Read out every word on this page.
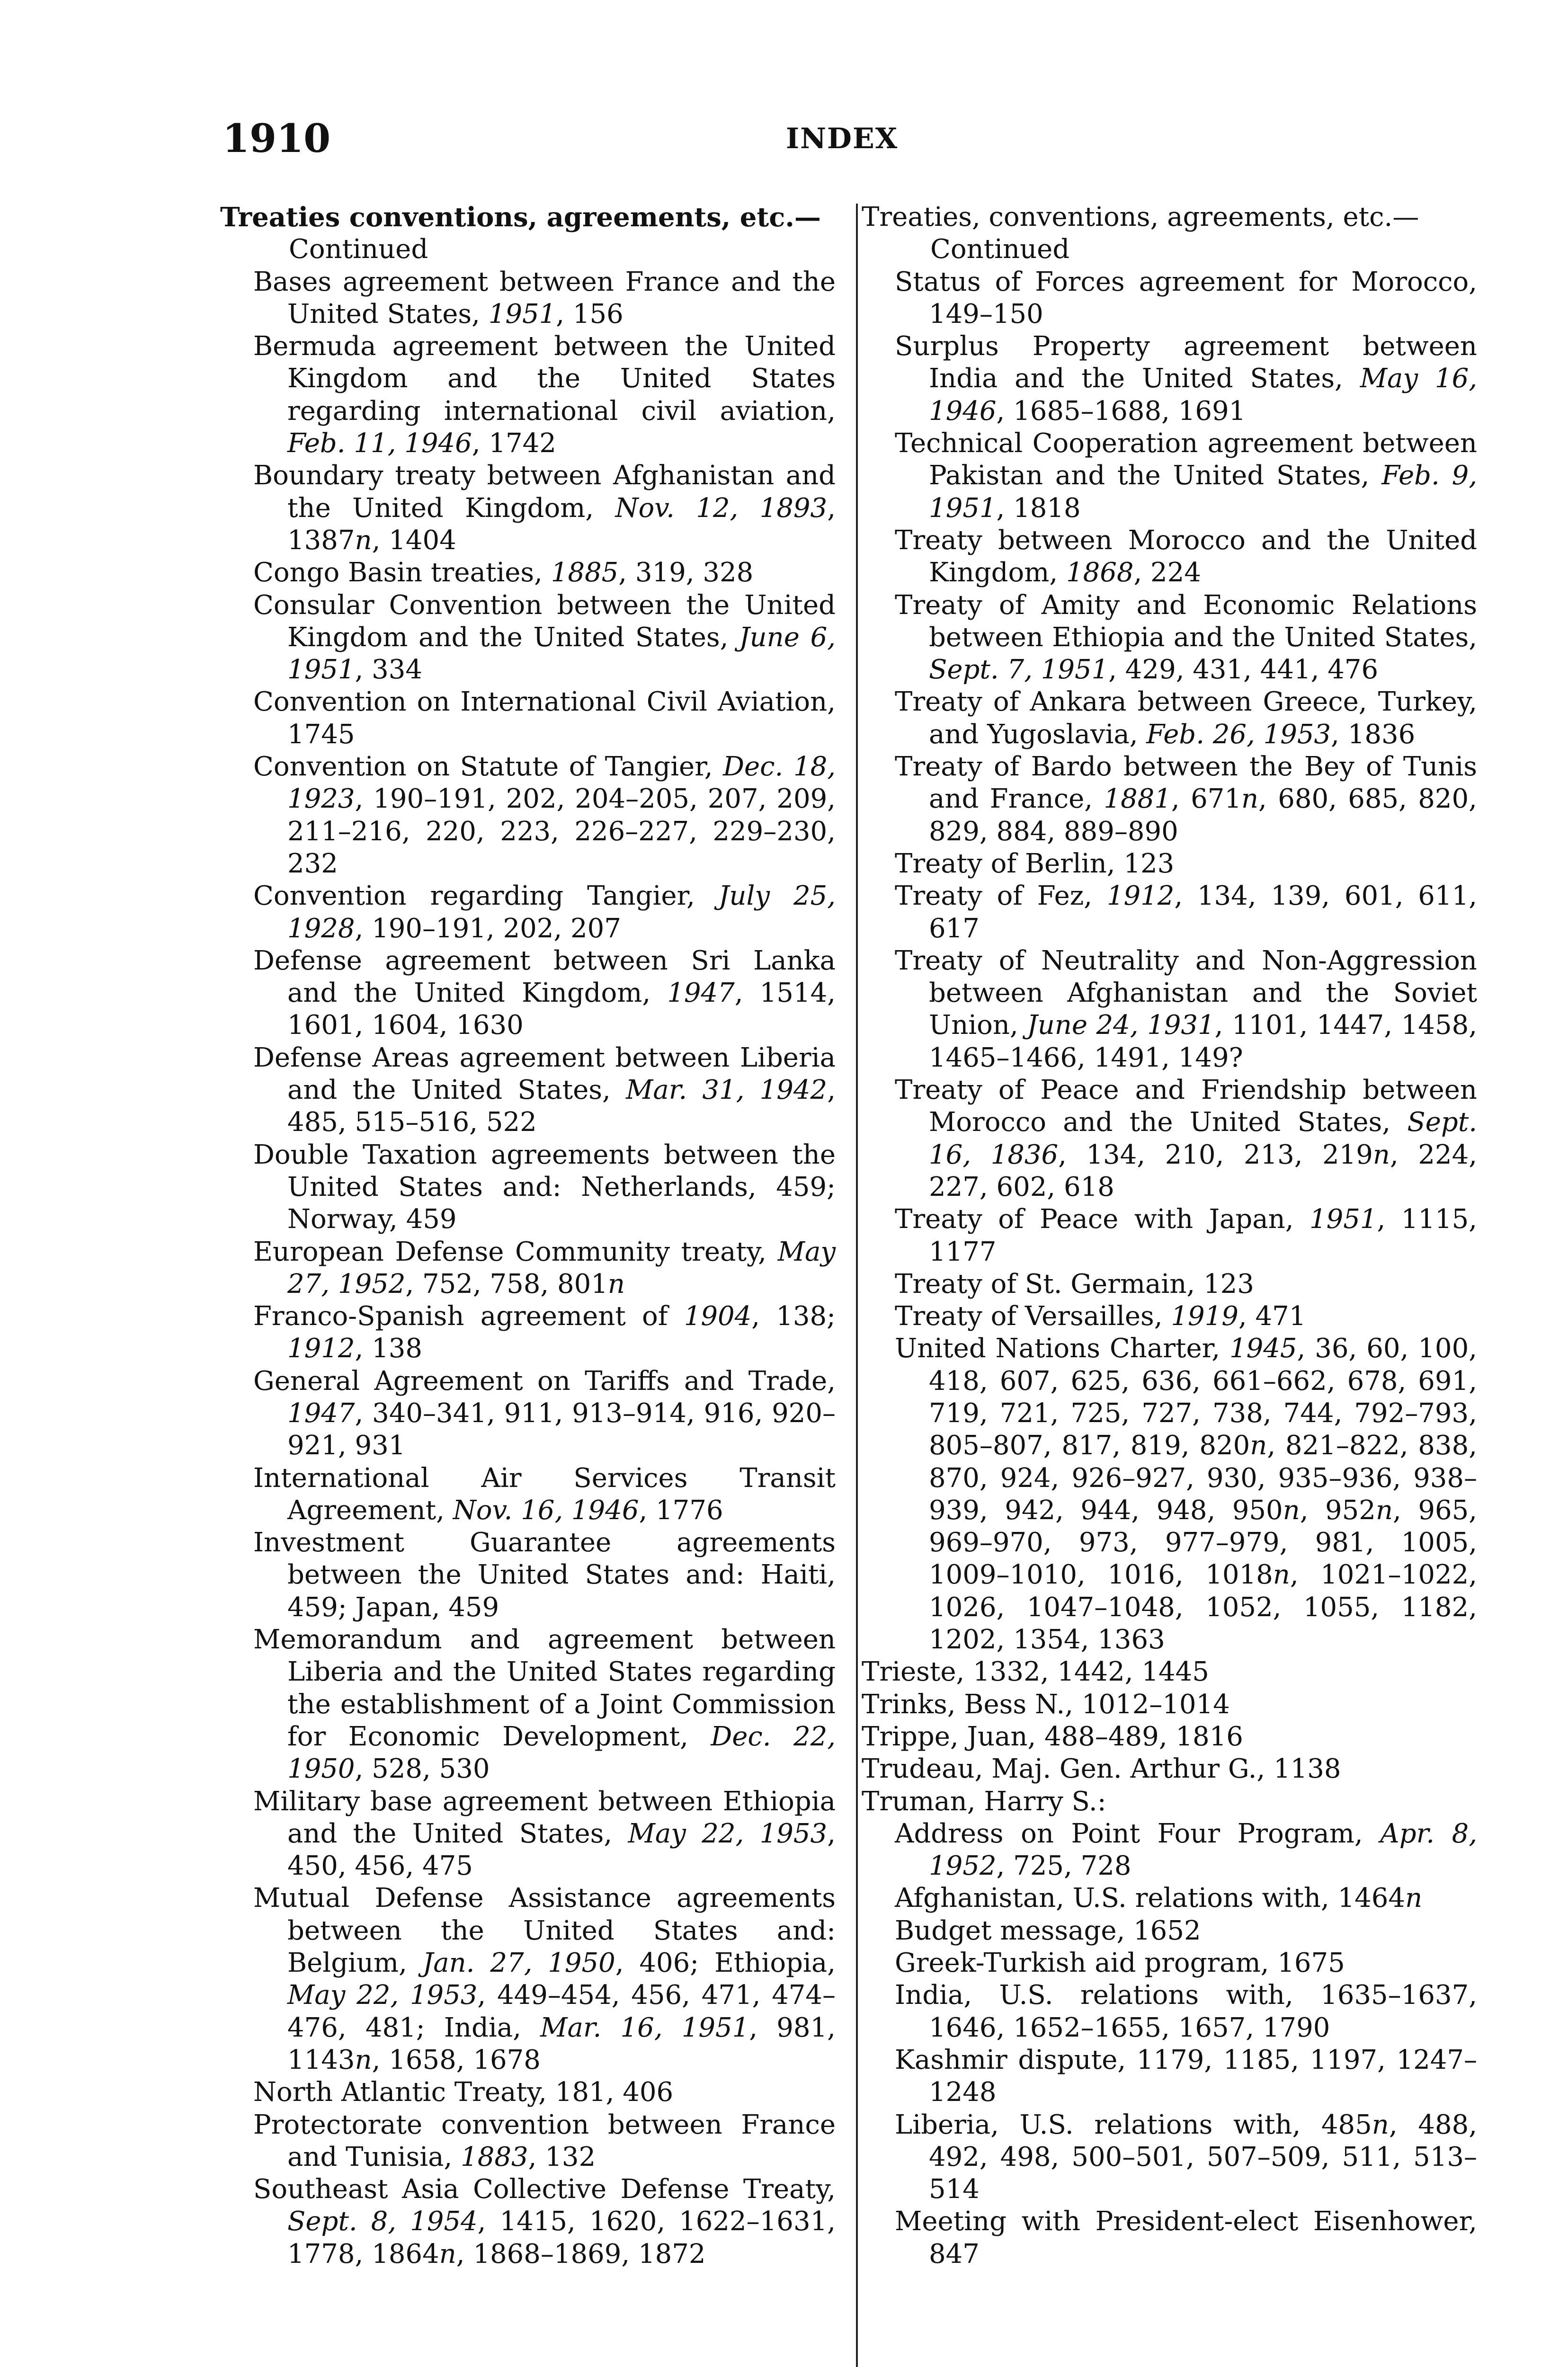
1910	INDEX
Treaties conventions, agreements, etc.—
Continued
Bases agreement between France and the United States, 1951, 156
Bermuda agreement between the United Kingdom and the United States regarding international civil aviation, Feb. 11, 1946, 1742
Boundary treaty between Afghanistan and the United Kingdom, Nov. 12, 1893, 1387n, 1404
Congo Basin treaties, 1885, 319, 328
Consular Convention between the United Kingdom and the United States, June 6, 1951, 334
Convention on International Civil Aviation, 1745
Convention on Statute of Tangier, Dec. 18, 1923, 190–191, 202, 204–205, 207, 209, 211–216, 220, 223, 226–227, 229–230, 232
Convention regarding Tangier, July 25, 1928, 190–191, 202, 207
Defense agreement between Sri Lanka and the United Kingdom, 1947, 1514, 1601, 1604, 1630
Defense Areas agreement between Liberia and the United States, Mar. 31, 1942, 485, 515–516, 522
Double Taxation agreements between the United States and: Netherlands, 459; Norway, 459
European Defense Community treaty, May 27, 1952, 752, 758, 801n
Franco-Spanish agreement of 1904, 138; 1912, 138
General Agreement on Tariffs and Trade, 1947, 340–341, 911, 913–914, 916, 920–921, 931
International Air Services Transit Agreement, Nov. 16, 1946, 1776
Investment Guarantee agreements between the United States and: Haiti, 459; Japan, 459
Memorandum and agreement between Liberia and the United States regarding the establishment of a Joint Commission for Economic Development, Dec. 22, 1950, 528, 530
Military base agreement between Ethiopia and the United States, May 22, 1953, 450, 456, 475
Mutual Defense Assistance agreements between the United States and: Belgium, Jan. 27, 1950, 406; Ethiopia, May 22, 1953, 449–454, 456, 471, 474–476, 481; India, Mar. 16, 1951, 981, 1143n, 1658, 1678
North Atlantic Treaty, 181, 406
Protectorate convention between France and Tunisia, 1883, 132
Southeast Asia Collective Defense Treaty, Sept. 8, 1954, 1415, 1620, 1622–1631, 1778, 1864n, 1868–1869, 1872
Treaties, conventions, agreements, etc.—
Continued
Status of Forces agreement for Morocco, 149–150
Surplus Property agreement between India and the United States, May 16, 1946, 1685–1688, 1691
Technical Cooperation agreement between Pakistan and the United States, Feb. 9, 1951, 1818
Treaty between Morocco and the United Kingdom, 1868, 224
Treaty of Amity and Economic Relations between Ethiopia and the United States, Sept. 7, 1951, 429, 431, 441, 476
Treaty of Ankara between Greece, Turkey, and Yugoslavia, Feb. 26, 1953, 1836
Treaty of Bardo between the Bey of Tunis and France, 1881, 671n, 680, 685, 820, 829, 884, 889–890
Treaty of Berlin, 123
Treaty of Fez, 1912, 134, 139, 601, 611, 617
Treaty of Neutrality and Non-Aggression between Afghanistan and the Soviet Union, June 24, 1931, 1101, 1447, 1458, 1465–1466, 1491, 149?
Treaty of Peace and Friendship between Morocco and the United States, Sept. 16, 1836, 134, 210, 213, 219n, 224, 227, 602, 618
Treaty of Peace with Japan, 1951, 1115, 1177
Treaty of St. Germain, 123
Treaty of Versailles, 1919, 471
United Nations Charter, 1945, 36, 60, 100, 418, 607, 625, 636, 661–662, 678, 691, 719, 721, 725, 727, 738, 744, 792–793, 805–807, 817, 819, 820n, 821–822, 838, 870, 924, 926–927, 930, 935–936, 938–939, 942, 944, 948, 950n, 952n, 965, 969–970, 973, 977–979, 981, 1005, 1009–1010, 1016, 1018n, 1021–1022, 1026, 1047–1048, 1052, 1055, 1182, 1202, 1354, 1363
Trieste, 1332, 1442, 1445
Trinks, Bess N., 1012–1014
Trippe, Juan, 488–489, 1816
Trudeau, Maj. Gen. Arthur G., 1138
Truman, Harry S.:
Address on Point Four Program, Apr. 8, 1952, 725, 728
Afghanistan, U.S. relations with, 1464n
Budget message, 1652
Greek-Turkish aid program, 1675
India, U.S. relations with, 1635–1637, 1646, 1652–1655, 1657, 1790
Kashmir dispute, 1179, 1185, 1197, 1247–1248
Liberia, U.S. relations with, 485n, 488, 492, 498, 500–501, 507–509, 511, 513–514
Meeting with President-elect Eisenhower, 847
